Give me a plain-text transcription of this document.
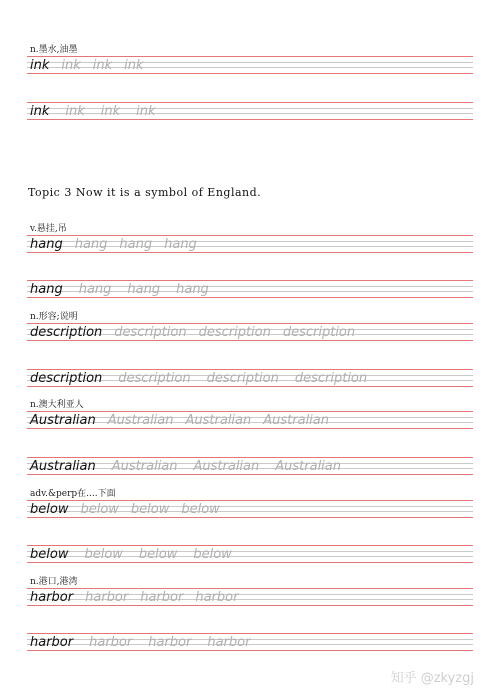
n.墨水,油墨
ink ink ink ink
ink ink ink ink
v.悬挂,吊
hang hang hang hang
hang hang hang hang
n.形容;说明
description description description description
description description description description
n.澳大利亚人
Australian Australian Australian Australian
Australian Australian Australian Australian
adv.&perp在....下面
below below below below
below below below below
n.港口,港湾
harbor harbor harbor harbor
harbor harbor harbor harbor
Topic 3 Now it is a symbol of England.
知乎 @zkyzgj
